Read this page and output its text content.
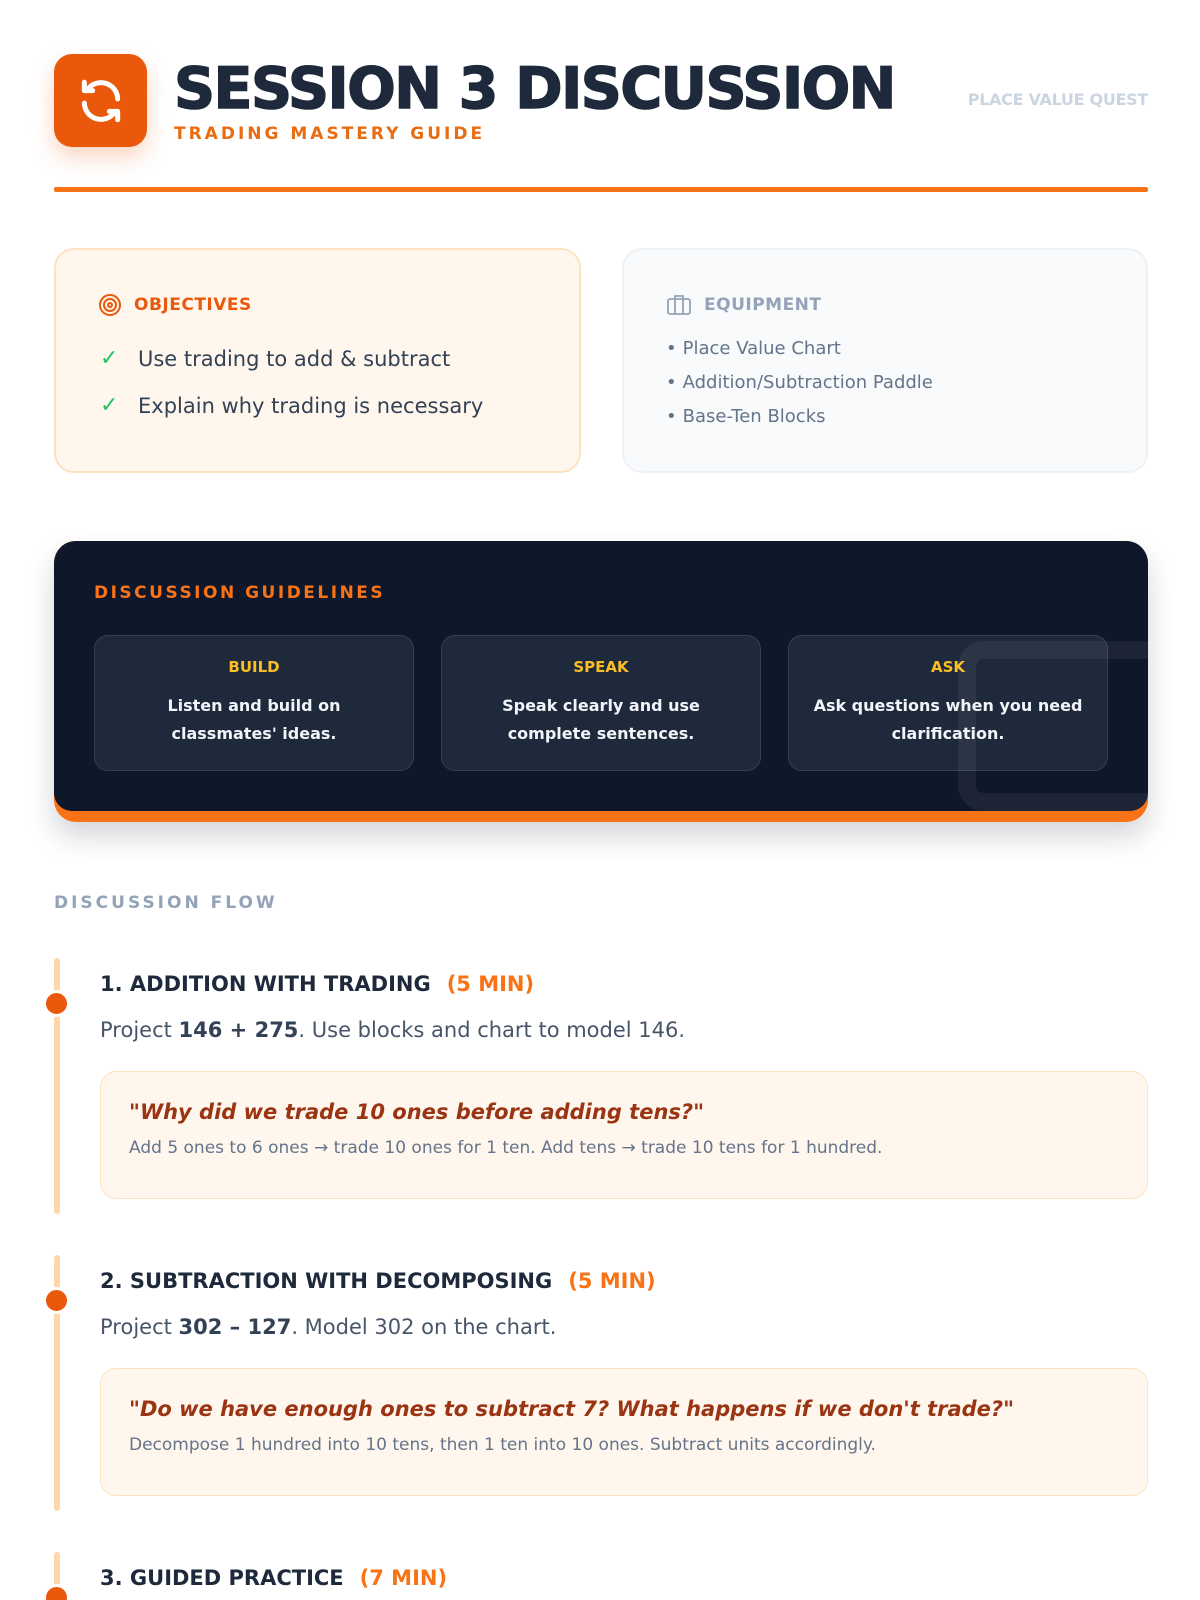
SESSION 3 DISCUSSION
TRADING MASTERY GUIDE
PLACE VALUE QUEST
OBJECTIVES
✓ Use trading to add & subtract
✓ Explain why trading is necessary
EQUIPMENT
• Place Value Chart
• Addition/Subtraction Paddle
• Base-Ten Blocks
DISCUSSION GUIDELINES
BUILD
Listen and build on classmates' ideas.
SPEAK
Speak clearly and use complete sentences.
ASK
Ask questions when you need clarification.
DISCUSSION FLOW
1. ADDITION WITH TRADING (5 MIN)
Project 146 + 275. Use blocks and chart to model 146.
"Why did we trade 10 ones before adding tens?"
Add 5 ones to 6 ones → trade 10 ones for 1 ten. Add tens → trade 10 tens for 1 hundred.
2. SUBTRACTION WITH DECOMPOSING (5 MIN)
Project 302 – 127. Model 302 on the chart.
"Do we have enough ones to subtract 7? What happens if we don't trade?"
Decompose 1 hundred into 10 tens, then 1 ten into 10 ones. Subtract units accordingly.
3. GUIDED PRACTICE (7 MIN)
